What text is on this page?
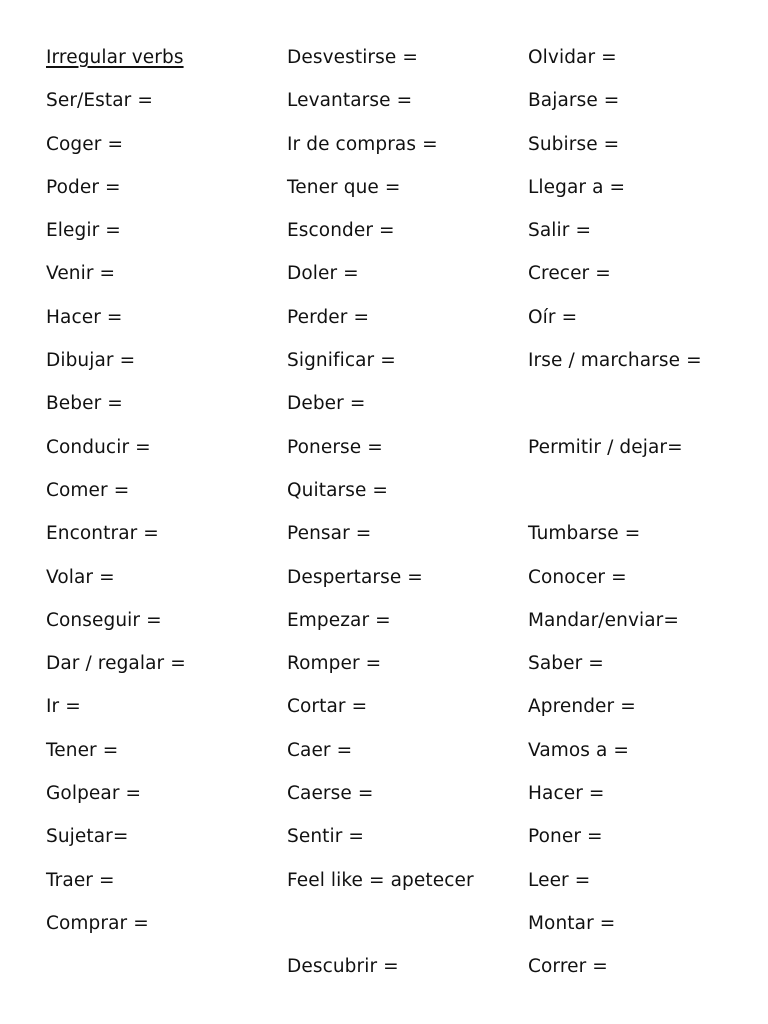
Irregular verbs
Ser/Estar =
Coger =
Poder =
Elegir =
Venir =
Hacer =
Dibujar =
Beber =
Conducir =
Comer =
Encontrar =
Volar =
Conseguir =
Dar / regalar =
Ir =
Tener =
Golpear =
Sujetar=
Traer =
Comprar =
Desvestirse =
Levantarse =
Ir de compras =
Tener que =
Esconder =
Doler =
Perder =
Significar =
Deber =
Ponerse =
Quitarse =
Pensar =
Despertarse =
Empezar =
Romper =
Cortar =
Caer =
Caerse =
Sentir =
Feel like = apetecer
Descubrir =
Olvidar =
Bajarse =
Subirse =
Llegar a =
Salir =
Crecer =
Oír =
Irse / marcharse =
Permitir / dejar=
Tumbarse =
Conocer =
Mandar/enviar=
Saber =
Aprender =
Vamos a =
Hacer =
Poner =
Leer =
Montar =
Correr =
